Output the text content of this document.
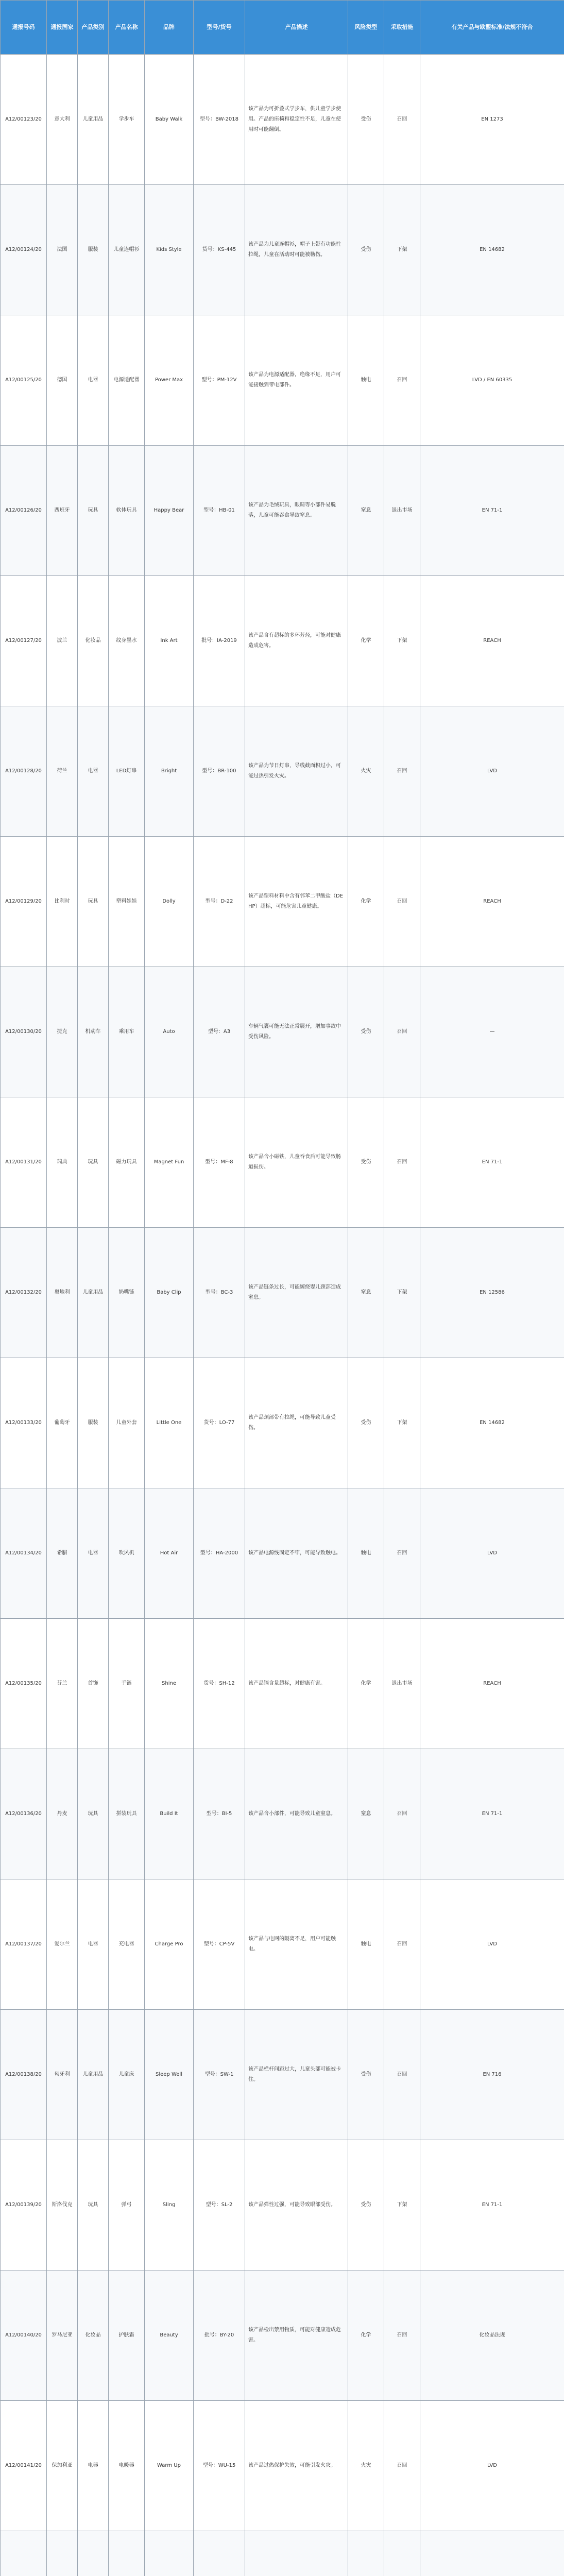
通报号码	通报国家	产品类别	产品名称	品牌	型号/货号	产品描述	风险类型	采取措施	有关产品与欧盟标准/法规不符合
A12/00123/20	意大利	儿童用品	学步车	Baby Walk	型号：BW-2018	该产品为可折叠式学步车，供儿童学步使用。产品的座椅和稳定性不足，儿童在使用时可能翻倒。	受伤	召回	EN 1273
A12/00124/20	法国	服装	儿童连帽衫	Kids Style	货号：KS-445	该产品为儿童连帽衫，帽子上带有功能性拉绳，儿童在活动时可能被勒伤。	受伤	下架	EN 14682
A12/00125/20	德国	电器	电源适配器	Power Max	型号：PM-12V	该产品为电源适配器，绝缘不足，用户可能接触到带电部件。	触电	召回	LVD / EN 60335
A12/00126/20	西班牙	玩具	软体玩具	Happy Bear	型号：HB-01	该产品为毛绒玩具，眼睛等小部件易脱落，儿童可能吞食导致窒息。	窒息	退出市场	EN 71-1
A12/00127/20	波兰	化妆品	纹身墨水	Ink Art	批号：IA-2019	该产品含有超标的多环芳烃，可能对健康造成危害。	化学	下架	REACH
A12/00128/20	荷兰	电器	LED灯串	Bright	型号：BR-100	该产品为节日灯串，导线截面积过小，可能过热引发火灾。	火灾	召回	LVD
A12/00129/20	比利时	玩具	塑料娃娃	Dolly	型号：D-22	该产品塑料材料中含有邻苯二甲酸盐（DEHP）超标，可能危害儿童健康。	化学	召回	REACH
A12/00130/20	捷克	机动车	乘用车	Auto	型号：A3	车辆气囊可能无法正常展开，增加事故中受伤风险。	受伤	召回	—
A12/00131/20	瑞典	玩具	磁力玩具	Magnet Fun	型号：MF-8	该产品含小磁铁，儿童吞食后可能导致肠道损伤。	受伤	召回	EN 71-1
A12/00132/20	奥地利	儿童用品	奶嘴链	Baby Clip	型号：BC-3	该产品链条过长，可能缠绕婴儿颈部造成窒息。	窒息	下架	EN 12586
A12/00133/20	葡萄牙	服装	儿童外套	Little One	货号：LO-77	该产品颈部带有拉绳，可能导致儿童受伤。	受伤	下架	EN 14682
A12/00134/20	希腊	电器	吹风机	Hot Air	型号：HA-2000	该产品电源线固定不牢，可能导致触电。	触电	召回	LVD
A12/00135/20	芬兰	首饰	手链	Shine	货号：SH-12	该产品镉含量超标，对健康有害。	化学	退出市场	REACH
A12/00136/20	丹麦	玩具	拼装玩具	Build It	型号：BI-5	该产品含小部件，可能导致儿童窒息。	窒息	召回	EN 71-1
A12/00137/20	爱尔兰	电器	充电器	Charge Pro	型号：CP-5V	该产品与电网的隔离不足，用户可能触电。	触电	召回	LVD
A12/00138/20	匈牙利	儿童用品	儿童床	Sleep Well	型号：SW-1	该产品栏杆间距过大，儿童头部可能被卡住。	受伤	召回	EN 716
A12/00139/20	斯洛伐克	玩具	弹弓	Sling	型号：SL-2	该产品弹性过强，可能导致眼部受伤。	受伤	下架	EN 71-1
A12/00140/20	罗马尼亚	化妆品	护肤霜	Beauty	批号：BY-20	该产品检出禁用物质，可能对健康造成危害。	化学	召回	化妆品法规
A12/00141/20	保加利亚	电器	电暖器	Warm Up	型号：WU-15	该产品过热保护失效，可能引发火灾。	火灾	召回	LVD
